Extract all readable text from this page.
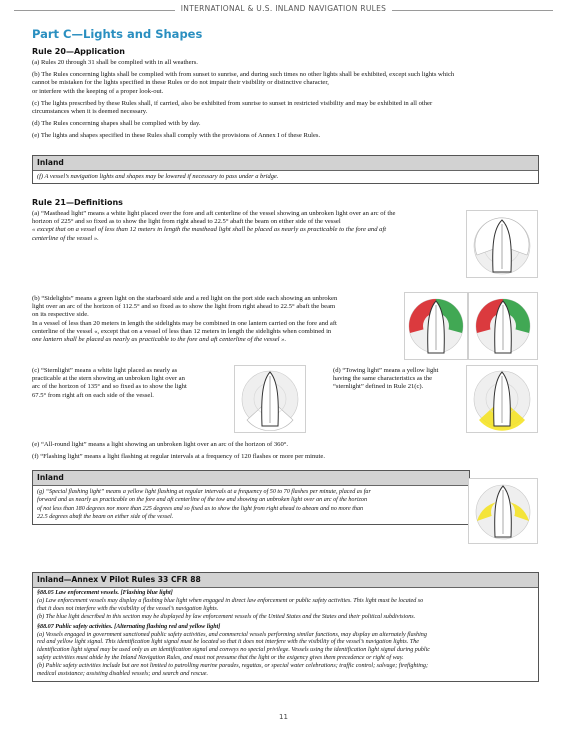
INTERNATIONAL & U.S. INLAND NAVIGATION RULES
Part C—Lights and Shapes
Rule 20—Application
(a) Rules 20 through 31 shall be complied with in all weathers.
(b) The Rules concerning lights shall be complied with from sunset to sunrise, and during such times no other lights shall be exhibited, except such lights which
cannot be mistaken for the lights specified in these Rules or do not impair their visibility or distinctive character,
or interfere with the keeping of a proper look-out.
(c) The lights prescribed by these Rules shall, if carried, also be exhibited from sunrise to sunset in restricted visibility and may be exhibited in all other
circumstances when it is deemed necessary.
(d) The Rules concerning shapes shall be complied with by day.
(e) The lights and shapes specified in these Rules shall comply with the provisions of Annex I of these Rules.
Inland
(f) A vessel’s navigation lights and shapes may be lowered if necessary to pass under a bridge.
Rule 21—Definitions
(a) “Masthead light” means a white light placed over the fore and aft centerline of the vessel showing an unbroken light over an arc of the
horizon of 225° and so fixed as to show the light from right ahead to 22.5° abaft the beam on either side of the vessel
« except that on a vessel of less than 12 meters in length the masthead light shall be placed as nearly as practicable to the fore and aft
centerline of the vessel ».
(b) “Sidelights” means a green light on the starboard side and a red light on the port side each showing an unbroken
light over an arc of the horizon of 112.5° and so fixed as to show the light from right ahead to 22.5° abaft the beam
on its respective side.
In a vessel of less than 20 meters in length the sidelights may be combined in one lantern carried on the fore and aft
centerline of the vessel «, except that on a vessel of less than 12 meters in length the sidelights when combined in
one lantern shall be placed as nearly as practicable to the fore and aft centerline of the vessel ».
(c) “Sternlight” means a white light placed as nearly as
practicable at the stern showing an unbroken light over an
arc of the horizon of 135° and so fixed as to show the light
67.5° from right aft on each side of the vessel.
(d) “Towing light” means a yellow light
having the same characteristics as the
“sternlight” defined in Rule 21(c).
(e) “All-round light” means a light showing an unbroken light over an arc of the horizon of 360°.
(f) “Flashing light” means a light flashing at regular intervals at a frequency of 120 flashes or more per minute.
Inland
(g) “Special flashing light” means a yellow light flashing at regular intervals at a frequency of 50 to 70 flashes per minute, placed as far
forward and as nearly as practicable on the fore and aft centerline of the tow and showing an unbroken light over an arc of the horizon
of not less than 180 degrees nor more than 225 degrees and so fixed as to show the light from right ahead to abeam and no more than
22.5 degrees abaft the beam on either side of the vessel.
Inland—Annex V Pilot Rules 33 CFR 88
§88.05 Law enforcement vessels. [Flashing blue light]
(a) Law enforcement vessels may display a flashing blue light when engaged in direct law enforcement or public safety activities. This light must be located so
that it does not interfere with the visibility of the vessel’s navigation lights.
(b) The blue light described in this section may be displayed by law enforcement vessels of the United States and the States and their political subdivisions.
§88.07 Public safety activities. [Alternating flashing red and yellow light]
(a) Vessels engaged in government sanctioned public safety activities, and commercial vessels performing similar functions, may display an alternately flashing
red and yellow light signal. This identification light signal must be located so that it does not interfere with the visibility of the vessel’s navigation lights. The
identification light signal may be used only as an identification signal and conveys no special privilege. Vessels using the identification light signal during public
safety activities must abide by the Inland Navigation Rules, and must not presume that the light or the exigency gives them precedence or right of way.
(b) Public safety activities include but are not limited to patrolling marine parades, regattas, or special water celebrations; traffic control; salvage; firefighting;
medical assistance; assisting disabled vessels; and search and rescue.
11
